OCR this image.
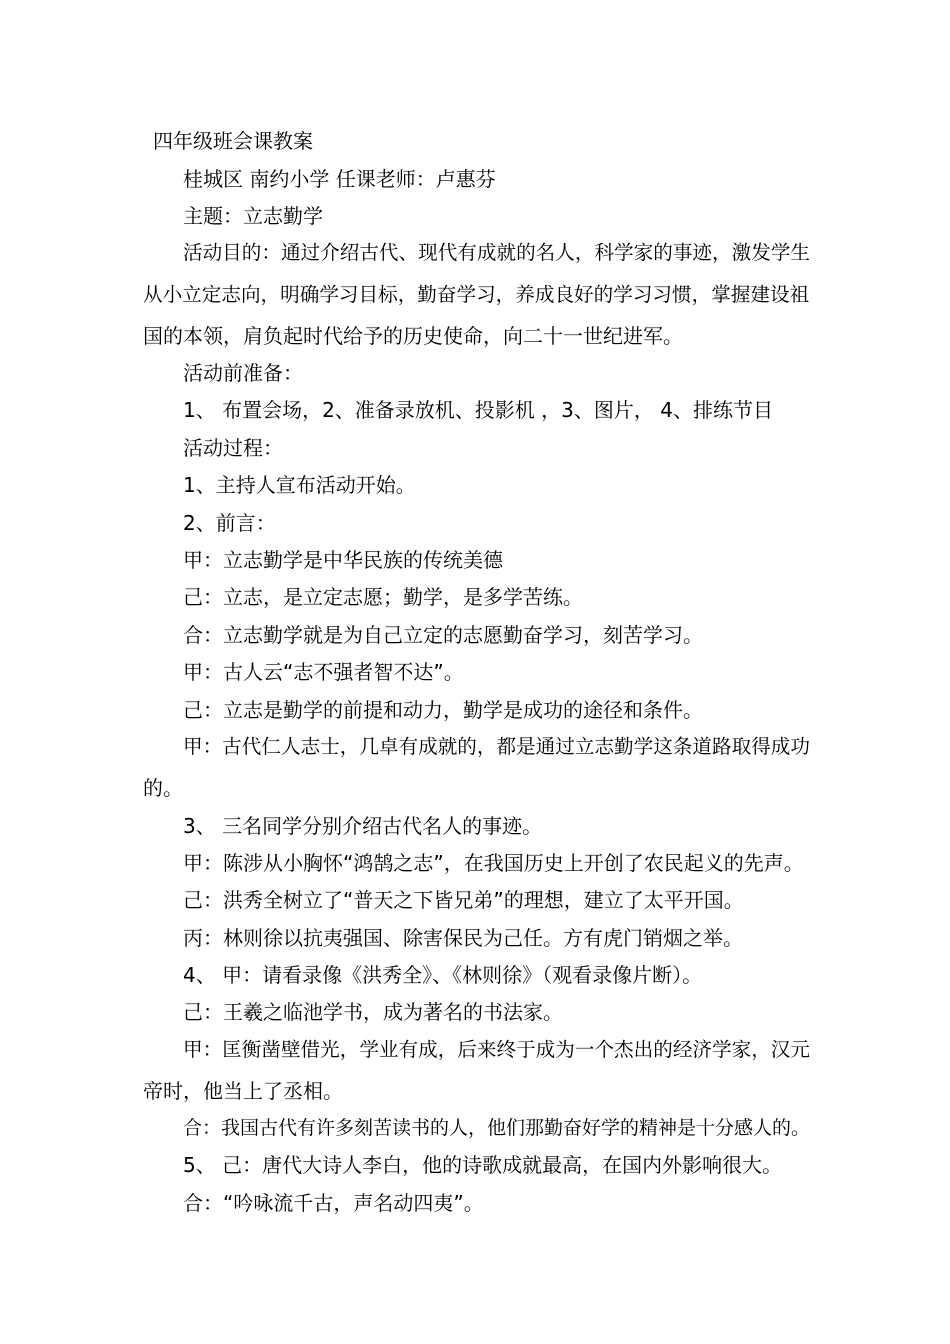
四年级班会课教案
桂城区 南约小学 任课老师：卢惠芬
主题：立志勤学
活动目的：通过介绍古代、现代有成就的名人，科学家的事迹，激发学生
从小立定志向，明确学习目标，勤奋学习，养成良好的学习习惯，掌握建设祖
国的本领，肩负起时代给予的历史使命，向二十一世纪进军。
活动前准备：
1、 布置会场，2、准备录放机、投影机 ，3、图片， 4、排练节目
活动过程：
1、主持人宣布活动开始。
2、前言：
甲：立志勤学是中华民族的传统美德
己：立志，是立定志愿；勤学，是多学苦练。
合：立志勤学就是为自己立定的志愿勤奋学习，刻苦学习。
甲：古人云“志不强者智不达”。
己：立志是勤学的前提和动力，勤学是成功的途径和条件。
甲：古代仁人志士，几卓有成就的，都是通过立志勤学这条道路取得成功
的。
3、 三名同学分别介绍古代名人的事迹。
甲：陈涉从小胸怀“鸿鹄之志”，在我国历史上开创了农民起义的先声。
己：洪秀全树立了“普天之下皆兄弟”的理想，建立了太平开国。
丙：林则徐以抗夷强国、除害保民为己任。方有虎门销烟之举。
4、 甲：请看录像《洪秀全》、《林则徐》（观看录像片断）。
己：王羲之临池学书，成为著名的书法家。
甲：匡衡凿壁借光，学业有成，后来终于成为一个杰出的经济学家，汉元
帝时，他当上了丞相。
合：我国古代有许多刻苦读书的人，他们那勤奋好学的精神是十分感人的。
5、 己：唐代大诗人李白，他的诗歌成就最高，在国内外影响很大。
合：“吟咏流千古，声名动四夷”。
